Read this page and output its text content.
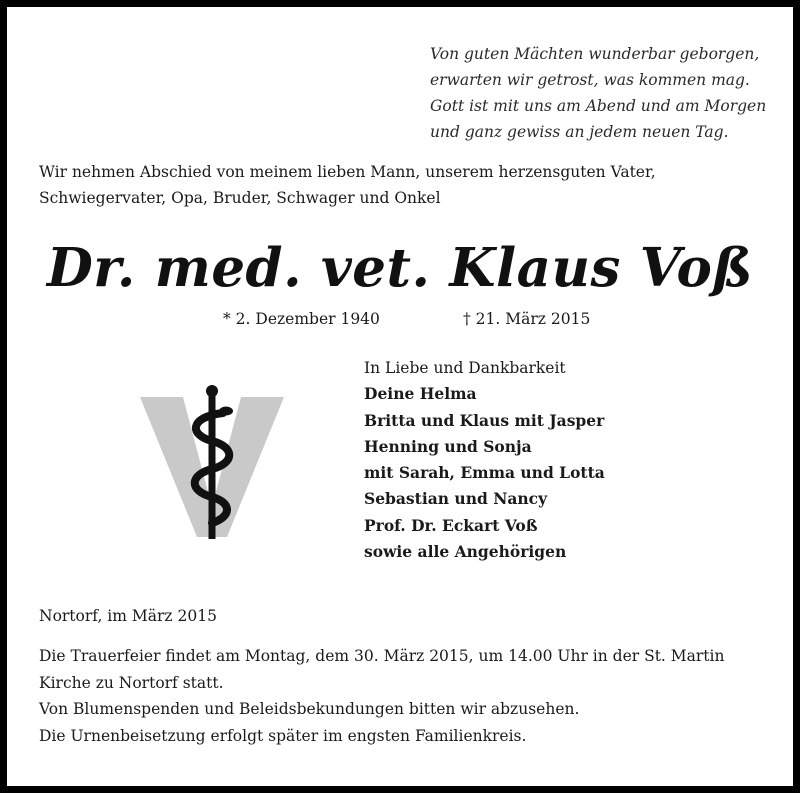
Von guten Mächten wunderbar geborgen,
erwarten wir getrost, was kommen mag.
Gott ist mit uns am Abend und am Morgen
und ganz gewiss an jedem neuen Tag.
Wir nehmen Abschied von meinem lieben Mann, unserem herzensguten Vater,
Schwiegervater, Opa, Bruder, Schwager und Onkel
Dr. med. vet. Klaus Voß
* 2. Dezember 1940	† 21. März 2015
In Liebe und Dankbarkeit
Deine Helma
Britta und Klaus mit Jasper
Henning und Sonja
mit Sarah, Emma und Lotta
Sebastian und Nancy
Prof. Dr. Eckart Voß
sowie alle Angehörigen
Nortorf, im März 2015
Die Trauerfeier findet am Montag, dem 30. März 2015, um 14.00 Uhr in der St. Martin
Kirche zu Nortorf statt.
Von Blumenspenden und Beleidsbekundungen bitten wir abzusehen.
Die Urnenbeisetzung erfolgt später im engsten Familienkreis.
